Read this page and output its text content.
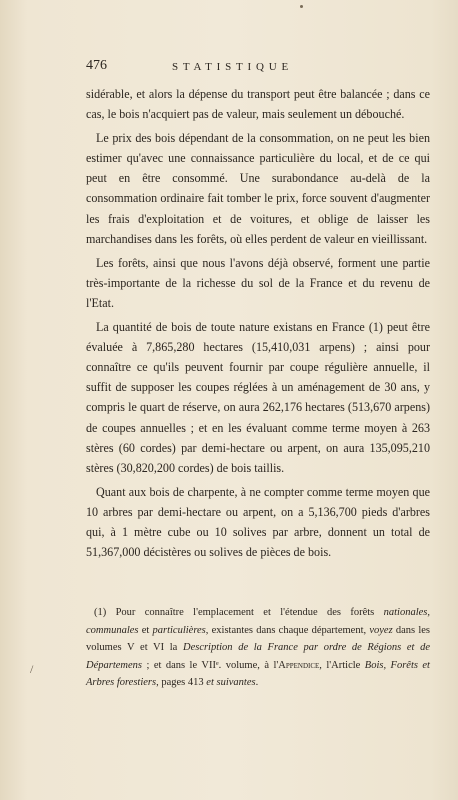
476	STATISTIQUE

sidérable, et alors la dépense du transport peut être balancée ; dans ce cas, le bois n'acquiert pas de valeur, mais seulement un débouché.

Le prix des bois dépendant de la consommation, on ne peut les bien estimer qu'avec une connaissance particulière du local, et de ce qui peut en être consommé. Une surabondance au-delà de la consommation ordinaire fait tomber le prix, force souvent d'augmenter les frais d'exploitation et de voitures, et oblige de laisser les marchandises dans les forêts, où elles perdent de valeur en vieillissant.

Les forêts, ainsi que nous l'avons déjà observé, forment une partie très-importante de la richesse du sol de la France et du revenu de l'Etat.

La quantité de bois de toute nature existans en France (1) peut être évaluée à 7,865,280 hectares (15,410,031 arpens) ; ainsi pour connaître ce qu'ils peuvent fournir par coupe régulière annuelle, il suffit de supposer les coupes réglées à un aménagement de 30 ans, y compris le quart de réserve, on aura 262,176 hectares (513,670 arpens) de coupes annuelles ; et en les évaluant comme terme moyen à 263 stères (60 cordes) par demi-hectare ou arpent, on aura 135,095,210 stères (30,820,200 cordes) de bois taillis.

Quant aux bois de charpente, à ne compter comme terme moyen que 10 arbres par demi-hectare ou arpent, on a 5,136,700 pieds d'arbres qui, à 1 mètre cube ou 10 solives par arbre, donnent un total de 51,367,000 décistères ou solives de pièces de bois.

(1) Pour connaître l'emplacement et l'étendue des forêts nationales, communales et particulières, existantes dans chaque département, voyez dans les volumes V et VI la Description de la France par ordre de Régions et de Départemens ; et dans le VIIᵉ. volume, à l'Appendice, l'Article Bois, Forêts et Arbres forestiers, pages 413 et suivantes.
/
